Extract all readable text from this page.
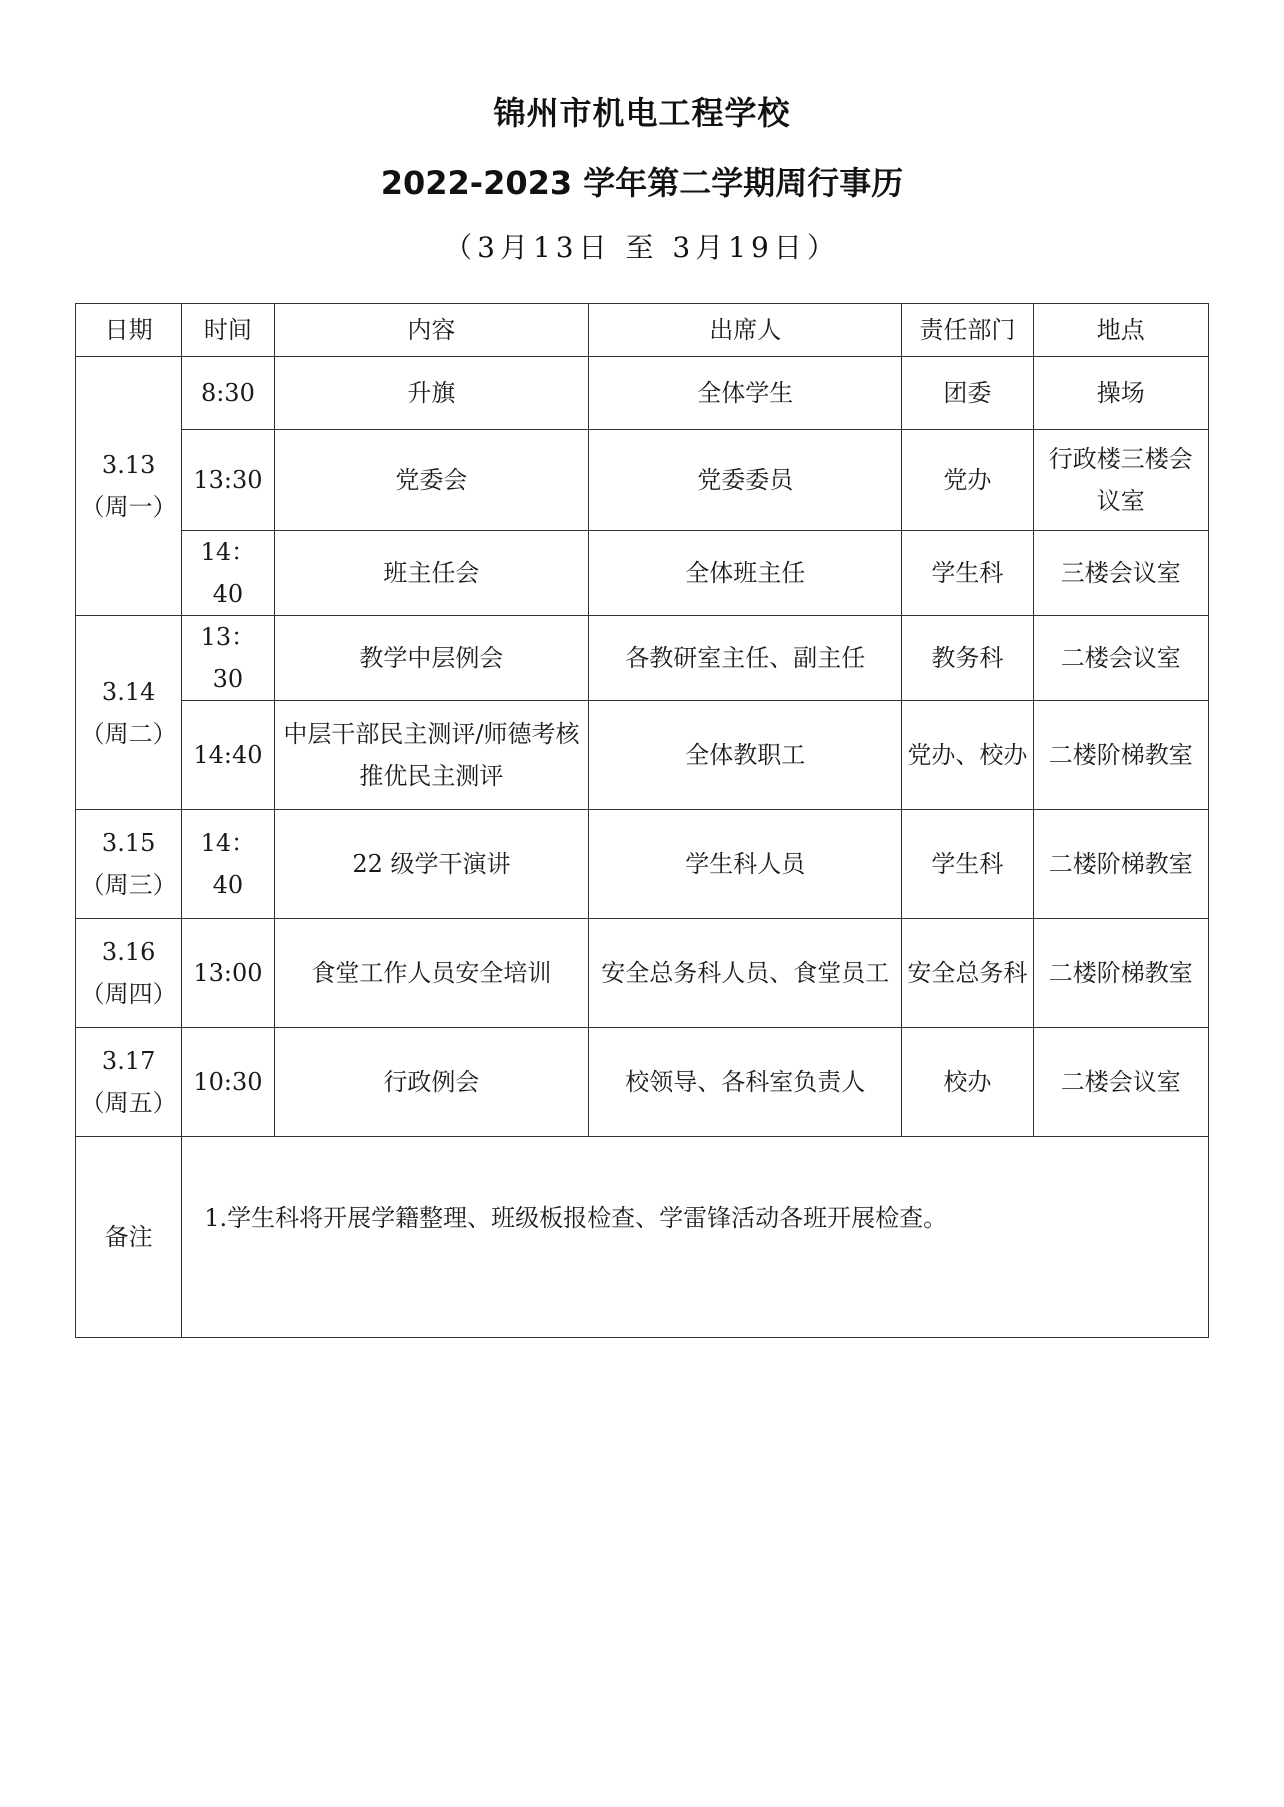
锦州市机电工程学校
2022-2023 学年第二学期周行事历
（3月13日 至 3月19日）
日期	时间	内容	出席人	责任部门	地点

3.13
（周一）	8:30	升旗	全体学生	团委	操场
	13:30	党委会	党委委员	党办	行政楼三楼会议室
	14：40	班主任会	全体班主任	学生科	三楼会议室

3.14
（周二）	13：30	教学中层例会	各教研室主任、副主任	教务科	二楼会议室
	14:40	中层干部民主测评/师德考核推优民主测评	全体教职工	党办、校办	二楼阶梯教室

3.15
（周三）	14：40	22 级学干演讲	学生科人员	学生科	二楼阶梯教室

3.16
（周四）	13:00	食堂工作人员安全培训	安全总务科人员、食堂员工	安全总务科	二楼阶梯教室

3.17
（周五）	10:30	行政例会	校领导、各科室负责人	校办	二楼会议室
备注	1.学生科将开展学籍整理、班级板报检查、学雷锋活动各班开展检查。				
